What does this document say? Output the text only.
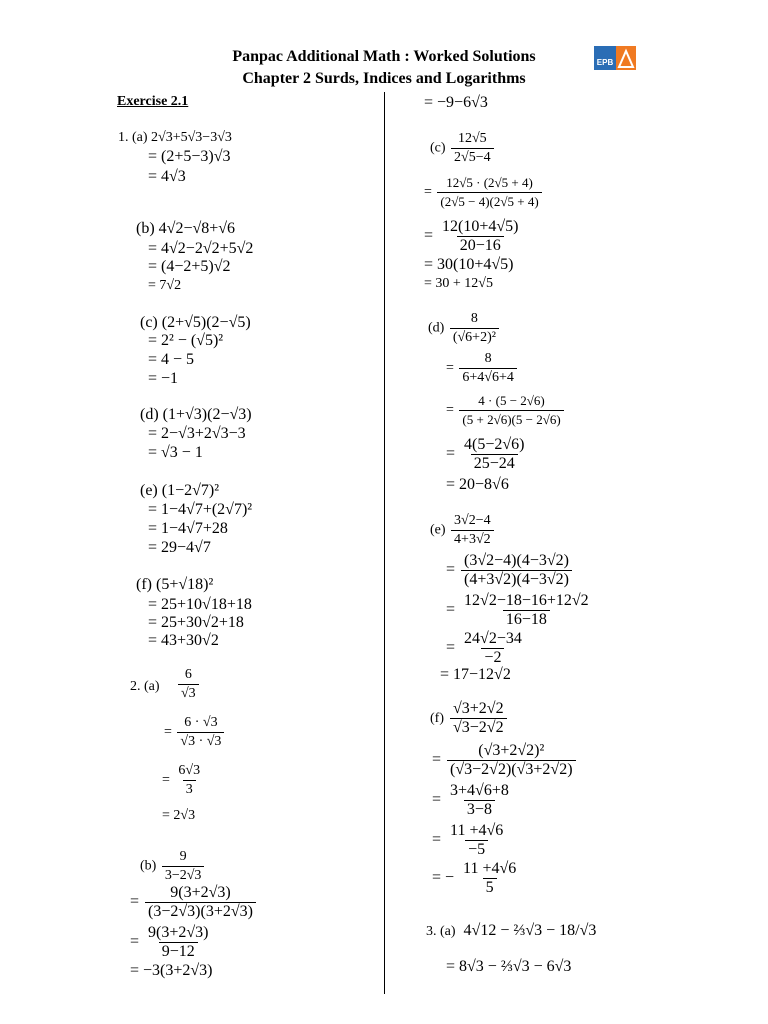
Panpac Additional Math : Worked Solutions
Chapter 2 Surds, Indices and Logarithms
EPB
Exercise 2.1
1. (a) 2√3+5√3−3√3
= (2+5−3)√3
= 4√3
(b) 4√2−√8+√6
= 4√2−2√2+5√2
= (4−2+5)√2
= 7√2
(c) (2+√5)(2−√5)
= 2² − (√5)²
= 4 − 5
= −1
(d) (1+√3)(2−√3)
= 2−√3+2√3−3
= √3 − 1
(e) (1−2√7)²
= 1−4√7+(2√7)²
= 1−4√7+28
= 29−4√7
(f) (5+√18)²
= 25+10√18+18
= 25+30√2+18
= 43+30√2
2. $(a) \frac{6}{√3}$
= $\frac{6 \cdot √3}{√3 \cdot √3}$
= $\frac{6√3}{3}$
= 2√3
$(b) \frac{9}{3-2√3}$
= $\frac{9(3+2√3)}{(3-2√3)(3+2√3)}$
= $\frac{9(3+2√3)}{9-12}$
= −3(3+2√3)
= −9−6√3
$(c) \frac{12√5}{2√5-4}$
= $\frac{12√5 \cdot (2√5 + 4)}{(2√5 - 4)(2√5 + 4)}$
= $\frac{12(10+4√5)}{20-16}$
= 30(10+4√5)
= 30 + 12√5
$(d) \frac{8}{\text{(√6+2)²}}$
= $\frac{8}{6+4√6+4}$
= $\frac{4 \cdot (5 - 2√6)}{(5 + 2√6)(5 - 2√6)}$
= $\frac{4(5-2√6)}{25-24}$
= 20−8√6
$(e) \frac{3√2-4}{4+3√2}$
= $\frac{(3√2-4)(4-3√2)}{(4+3√2)(4-3√2)}$
= $\frac{12√2-18-16+12√2}{16-18}$
= $\frac{24√2-34}{-2}$
= 17−12√2
$(f) \frac{√3+2√2}{√3-2√2}$
= $\frac{\text{(√3+2√2)²}}{(√3-2√2)(√3+2√2)}$
= $\frac{3+4√6+8}{3-8}$
= $\frac{11 +4√6}{-5}$
= − $\frac{11 +4√6}{5}$
3. (a) 4√12 − ⅔√3 − 18/√3
= 8√3 − ⅔√3 − 6√3
